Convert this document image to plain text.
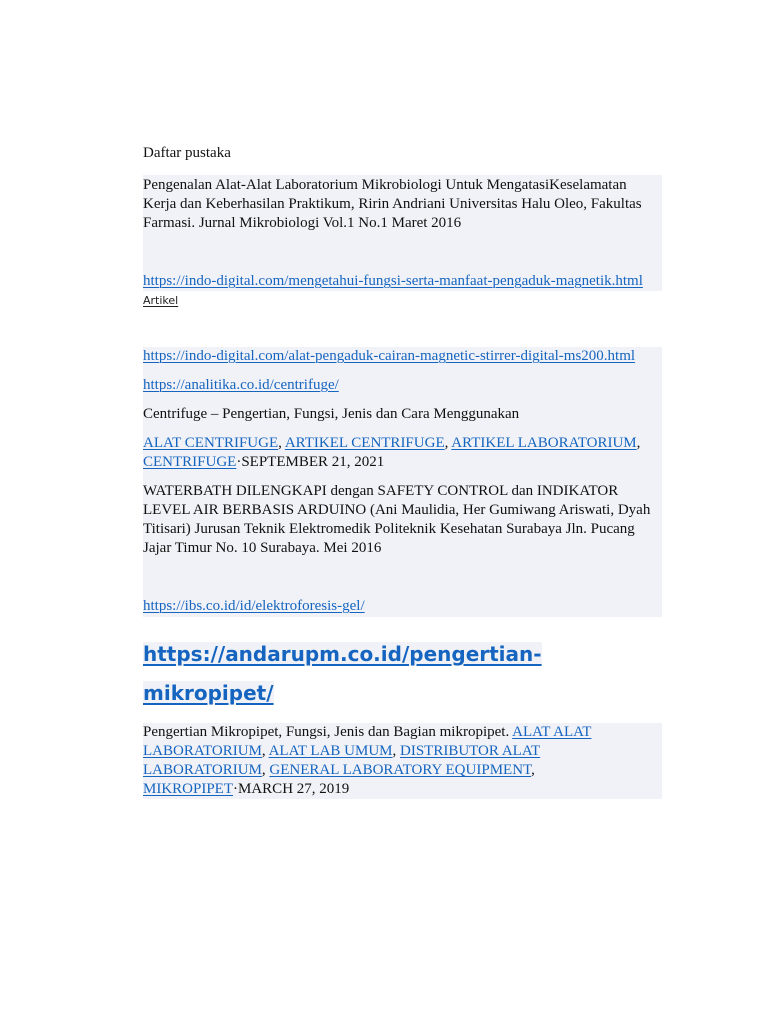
Daftar pustaka

Pengenalan Alat-Alat Laboratorium Mikrobiologi Untuk MengatasiKeselamatan Kerja dan Keberhasilan Praktikum, Ririn Andriani Universitas Halu Oleo, Fakultas Farmasi. Jurnal Mikrobiologi Vol.1 No.1 Maret 2016

https://indo-digital.com/mengetahui-fungsi-serta-manfaat-pengaduk-magnetik.html

Artikel

https://indo-digital.com/alat-pengaduk-cairan-magnetic-stirrer-digital-ms200.html

https://analitika.co.id/centrifuge/

Centrifuge – Pengertian, Fungsi, Jenis dan Cara Menggunakan

ALAT CENTRIFUGE, ARTIKEL CENTRIFUGE, ARTIKEL LABORATORIUM, CENTRIFUGE·SEPTEMBER 21, 2021

WATERBATH DILENGKAPI dengan SAFETY CONTROL dan INDIKATOR LEVEL AIR BERBASIS ARDUINO (Ani Maulidia, Her Gumiwang Ariswati, Dyah Titisari) Jurusan Teknik Elektromedik Politeknik Kesehatan Surabaya Jln. Pucang Jajar Timur No. 10 Surabaya. Mei 2016

https://ibs.co.id/id/elektroforesis-gel/

https://andarupm.co.id/pengertian-
mikropipet/

Pengertian Mikropipet, Fungsi, Jenis dan Bagian mikropipet. ALAT ALAT LABORATORIUM, ALAT LAB UMUM, DISTRIBUTOR ALAT LABORATORIUM, GENERAL LABORATORY EQUIPMENT, MIKROPIPET·MARCH 27, 2019
